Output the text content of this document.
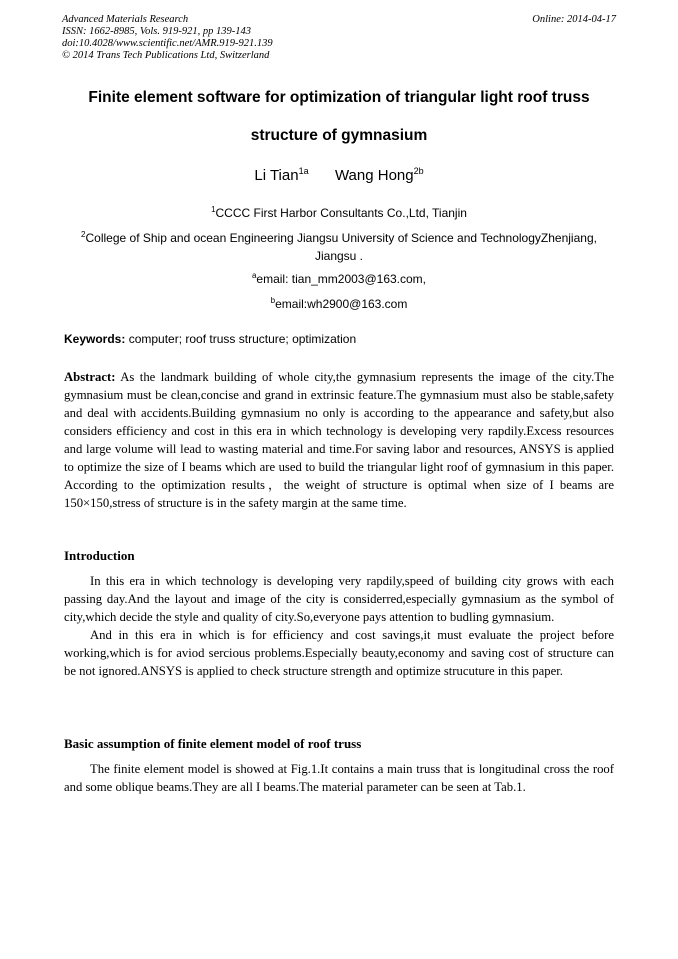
Advanced Materials Research
ISSN: 1662-8985, Vols. 919-921, pp 139-143
doi:10.4028/www.scientific.net/AMR.919-921.139
© 2014 Trans Tech Publications Ltd, Switzerland
Online: 2014-04-17
Finite element software for optimization of triangular light roof truss
structure of gymnasium
Li Tian$^{1a}$ Wang Hong$^{2b}$
$^1$CCCC First Harbor Consultants Co.,Ltd, Tianjin
$^2$College of Ship and ocean Engineering Jiangsu University of Science and TechnologyZhenjiang,
Jiangsu .
$^a$email: tian_mm2003@163.com,
$^b$email:wh2900@163.com
Keywords: computer; roof truss structure; optimization

Abstract: As the landmark building of whole city,the gymnasium represents the image of the city.The gymnasium must be clean,concise and grand in extrinsic feature.The gymnasium must also be stable,safety and deal with accidents.Building gymnasium no only is according to the appearance and safety,but also considers efficiency and cost in this era in which technology is developing very rapdily.Excess resources and large volume will lead to wasting material and time.For saving labor and resources, ANSYS is applied to optimize the size of I beams which are used to build the triangular light roof of gymnasium in this paper. According to the optimization results，the weight of structure is optimal when size of I beams are 150×150,stress of structure is in the safety margin at the same time.

Introduction

In this era in which technology is developing very rapdily,speed of building city grows with each passing day.And the layout and image of the city is considerred,especially gymnasium as the symbol of city,which decide the style and quality of city.So,everyone pays attention to budling gymnasium.

And in this era in which is for efficiency and cost savings,it must evaluate the project before working,which is for aviod sercious problems.Especially beauty,economy and saving cost of structure can be not ignored.ANSYS is applied to check structure strength and optimize strucuture in this paper.

Basic assumption of finite element model of roof truss

The finite element model is showed at Fig.1.It contains a main truss that is longitudinal cross the roof and some oblique beams.They are all I beams.The material parameter can be seen at Tab.1.
